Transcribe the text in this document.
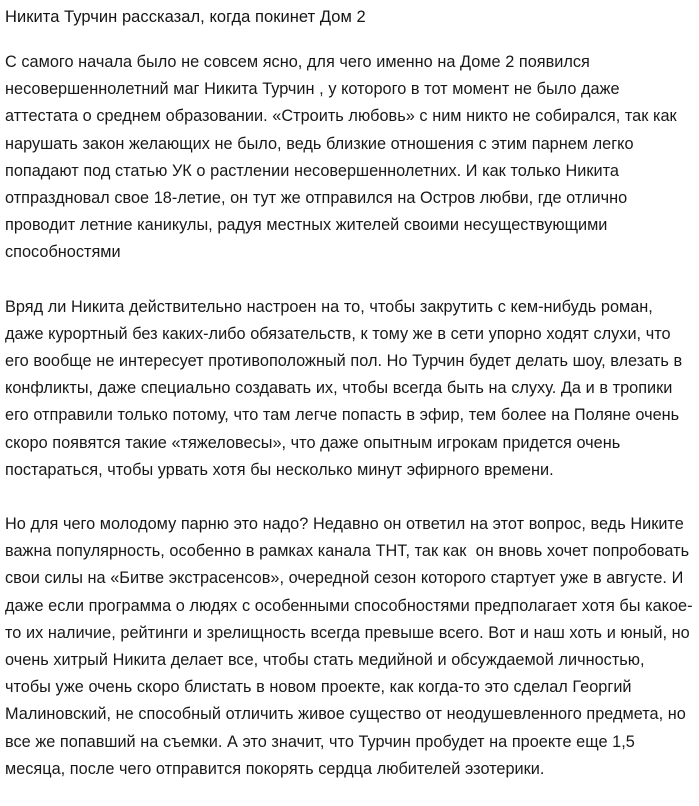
Никита Турчин рассказал, когда покинет Дом 2

С самого начала было не совсем ясно, для чего именно на Доме 2 появился несовершеннолетний маг Никита Турчин , у которого в тот момент не было даже аттестата о среднем образовании. «Строить любовь» с ним никто не собирался, так как нарушать закон желающих не было, ведь близкие отношения с этим парнем легко попадают под статью УК о растлении несовершеннолетних. И как только Никита отпраздновал свое 18-летие, он тут же отправился на Остров любви, где отлично проводит летние каникулы, радуя местных жителей своими несуществующими способностями

Вряд ли Никита действительно настроен на то, чтобы закрутить с кем-нибудь роман, даже курортный без каких-либо обязательств, к тому же в сети упорно ходят слухи, что его вообще не интересует противоположный пол. Но Турчин будет делать шоу, влезать в конфликты, даже специально создавать их, чтобы всегда быть на слуху. Да и в тропики его отправили только потому, что там легче попасть в эфир, тем более на Поляне очень скоро появятся такие «тяжеловесы», что даже опытным игрокам придется очень постараться, чтобы урвать хотя бы несколько минут эфирного времени.

Но для чего молодому парню это надо? Недавно он ответил на этот вопрос, ведь Никите важна популярность, особенно в рамках канала ТНТ, так как  он вновь хочет попробовать свои силы на «Битве экстрасенсов», очередной сезон которого стартует уже в августе. И даже если программа о людях с особенными способностями предполагает хотя бы какое-то их наличие, рейтинги и зрелищность всегда превыше всего. Вот и наш хоть и юный, но очень хитрый Никита делает все, чтобы стать медийной и обсуждаемой личностью, чтобы уже очень скоро блистать в новом проекте, как когда-то это сделал Георгий Малиновский, не способный отличить живое существо от неодушевленного предмета, но все же попавший на съемки. А это значит, что Турчин пробудет на проекте еще 1,5 месяца, после чего отправится покорять сердца любителей эзотерики.
